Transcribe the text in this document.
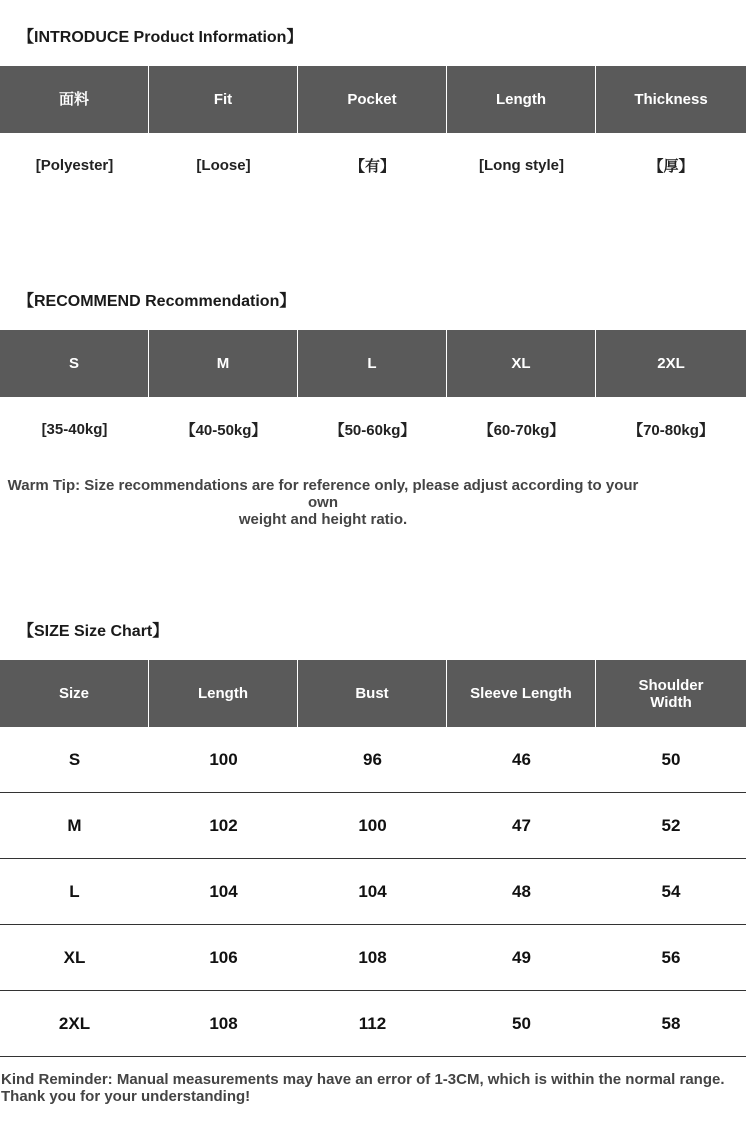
【INTRODUCE Product Information】
面料	Fit	Pocket	Length	Thickness
[Polyester]	[Loose]	【有】	[Long style]	【厚】
【RECOMMEND Recommendation】
S	M	L	XL	2XL
[35-40kg]	【40-50kg】	【50-60kg】	【60-70kg】	【70-80kg】
Warm Tip: Size recommendations are for reference only, please adjust according to your own
weight and height ratio.
【SIZE Size Chart】
Size	Length	Bust	Sleeve Length	Shoulder Width
S	100	96	46	50
M	102	100	47	52
L	104	104	48	54
XL	106	108	49	56
2XL	108	112	50	58
Kind Reminder: Manual measurements may have an error of 1-3CM, which is within the normal range.
Thank you for your understanding!
